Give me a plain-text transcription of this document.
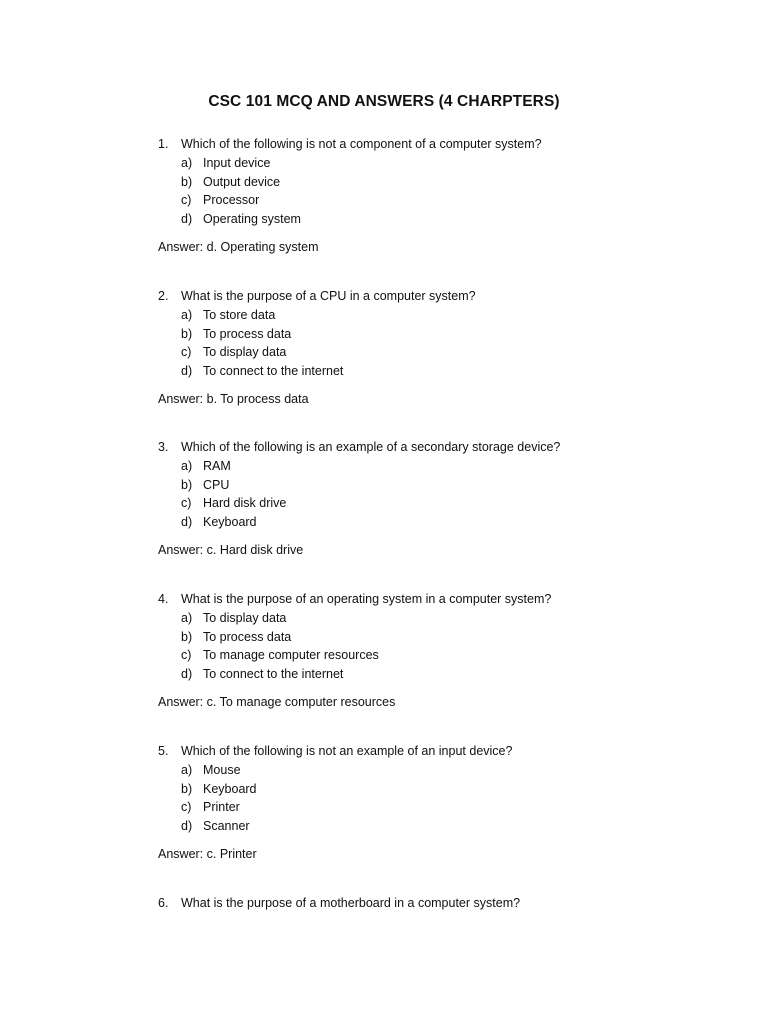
CSC 101 MCQ AND ANSWERS (4 CHARPTERS)
1. Which of the following is not a component of a computer system?
a) Input device
b) Output device
c) Processor
d) Operating system
Answer: d. Operating system
2. What is the purpose of a CPU in a computer system?
a) To store data
b) To process data
c) To display data
d) To connect to the internet
Answer: b. To process data
3. Which of the following is an example of a secondary storage device?
a) RAM
b) CPU
c) Hard disk drive
d) Keyboard
Answer: c. Hard disk drive
4. What is the purpose of an operating system in a computer system?
a) To display data
b) To process data
c) To manage computer resources
d) To connect to the internet
Answer: c. To manage computer resources
5. Which of the following is not an example of an input device?
a) Mouse
b) Keyboard
c) Printer
d) Scanner
Answer: c. Printer
6. What is the purpose of a motherboard in a computer system?
